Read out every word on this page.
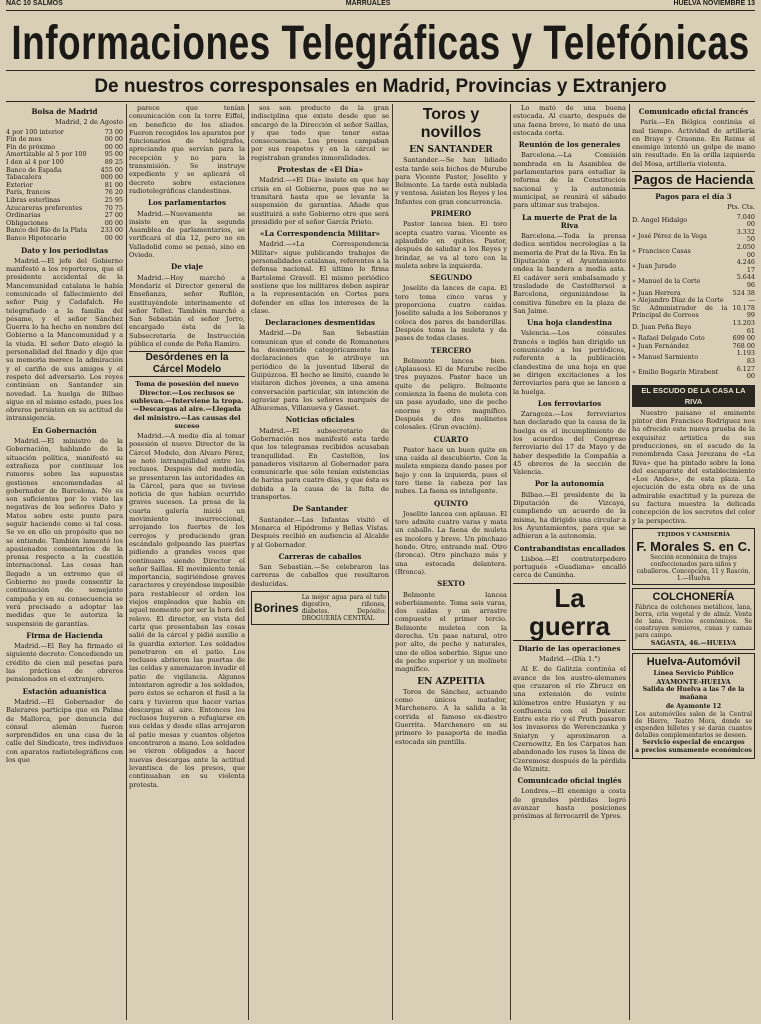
NAC 10 SALMOS	MARRUALES	HUELVA NOVIEMBRE 13
Informaciones Telegráficas y Telefónicas
De nuestros corresponsales en Madrid, Provincias y Extranjero
Bolsa de Madrid

Madrid, 2 de Agosto

4 por 100 interior	73 00
Fin de mes	00 00
Fin de próximo	00 00
Amortizable al 5 por 100	95 00
I den al 4 por 100	89 25
Banco de España	455 00
Tabacalera	000 00
Exterior	81 00
París, francos	76 20
Libras esterlinas	25 95
Azucareras preferentes	70 75
Ordinarias	27 00
Obligaciones	00 00
Banco del Río de la Plata	233 00
Banco Hipotecario	00 00
Dato y los periodistas

Madrid.—El jefe del Gobierno manifestó a los reporteros, que el presidente accidental de la Mancomunidad catalana le había comunicado el fallecimiento del señor Puig y Cadafalch. He telegrafiado a la familia del pésame, y el señor Sánchez Guerra lo ha hecho en nombre del Gobierno a la Mancomunidad y a la viuda. El señor Dato elogió la personalidad del finado y dijo que su memoria merece la admiración y el cariño de sus amigos y el respeto del adversario. Los reyes continúan en Santander sin novedad. La huelga de Bilbao sigue en el mismo estado, pues los obreros persisten en su actitud de intransigencia.

En Gobernación

Madrid.—El ministro de la Gobernación, hablando de la situación política, manifestó su extrañeza por continuar los rumores sobre las supuestas gestiones encomendadas al gobernador de Barcelona. No es son suficientes por lo visto las negativas de los señores Dato y Matos sobre este punto para seguir haciendo como si tal cosa. Se ve en ello un propósito que no se entiende. También lamentó los apasionados comentarios de la prensa respecto a la cuestión internacional. Las cosas han llegado a un extremo que el Gobierno no puede consentir la continuación de semejante campaña y en su consecuencia se verá precisado a adoptar las medidas que le autoriza la suspensión de garantías.

Firma de Hacienda

Madrid.—El Rey ha firmado el siguiente decreto: Concediendo un crédito de cien mil pesetas para las prácticas de obreros pensionados en el extranjero.

Estación aduanística

Madrid.—El Gobernador de Balerares participa que en Palma de Mallorca, por denuncia del cónsul alemán fueron sorprendidos en una casa de la calle del Sindicato, tres individuos con aparatos radiotelegráficos con los que

parece que tenían comunicación con la torre Eiffel, en beneficio de los aliados. Fueron recogidos los aparatos por funcionarios de telégrafos, apreciando que servían para la recepción y no para la transmisión. Se instruye expediente y se aplicará el decreto sobre estaciones radiotelegráficas clandestinas.

Los parlamentarios

Madrid.—Nuevamente se insiste en que la segunda Asamblea de parlamentarios, se verificará el día 12, pero no en Valladolid como se pensó, sino en Oviedo.

De viaje

Madrid.—Hoy marchó a Mondariz el Director general de Enseñanza, señor Rufilón, sustituyéndole interinamente el señor Tellez. También marchó a San Sebastián el señor Jorro, encargado ésta de la Subsecretaría de Instrucción pública el conde de Peña Ramiro.

Desórdenes en la Cárcel Modelo

Toma de posesión del nuevo Director.—Los reclusos se sublevan.—Interviene la tropa.—Descargas al aire.—Llegada del ministro.—Las causas del suceso

Madrid.—A medio día al tomar posesión el nuevo Director de la Cárcel Modelo, don Alvaro Pérez, se notó intranquilidad entre los reclusos. Después del mediodía, se presentaron las autoridades en la Cárcel, para que se tuviese noticia de que habían ocurrido graves sucesos. La presa de la cuarta galería inició un movimiento insurreccional, arrojando los fuertes de los cerrojos y produciendo gran escándalo golpeando las puertas pidiendo a grandes voces que continuara siendo Director el señor Saillas. El movimiento tenía importancia, sugiriéndose graves caracteres y creyéndose imposible para restablecer el orden los viejos empleados que había en aquel momento por ser la hora del relevo. El director, en vista del cariz que presentaban las cosas salió de la cárcel y pidió auxilio a la guardia exterior. Los soldados penetraron en el patio. Los reclusos abrieron las puertas de las celdas y amenazaron invadir el patio de vigilancia. Algunos intentaron agredir a los soldados, pero éstos se echaron el fusil a la cara y tuvieron que hacer varias descargas al aire. Entonces los reclusos huyeron a refugiarse en sus celdas y desde ellas arrojaron al patio mesas y cuantos objetos encontraron a mano. Los soldados se vieron obligados a hacer nuevas descargas ante la actitud levantisca de los presos, que continuaban en su violenta protesta.

sos son producto de la gran indisciplina que existe desde que se encargó de la Dirección el señor Saillas, y que todo que tener estas consecuencias. Los presos campaban por sus respetos y en la cárcel se registraban grandes inmoralidades.

Protestas de «El Día»

Madrid.—«El Día» insiste en que hay crisis en el Gobierno, pues que no se tramitará hasta que se levante la suspensión de garantías. Añade que sustituirá a este Gobierno otro que será presidido por el señor García Prieto.

«La Correspondencia Militar»

Madrid.—«La Correspondencia Militar» sigue publicando trabajos de personalidades catalanas, referentes a la defensa nacional. El último lo firma Bartolomé Gravell. El mismo periódico sostiene que los militares deben aspirar a la representación en Cortes para defender en ellas los intereses de la clase.

Declaraciones desmentidas

Madrid.—De San Sebastián comunican que el conde de Romanones ha desmentido categóricamente las declaraciones que le atribuye un periódico de la juventud liberal de Guipúzcoa. El hecho se limitó, cuando le visitaron dichos jóvenes, a una amena conversación particular, sin intención de agraviar para los señores marqués de Alhucemas, Villanueva y Gasset.

Noticias oficiales

Madrid.—El subsecretario de Gobernación nos manifestó esta tarde que los telegramas recibidos acusaban tranquilidad. En Castellón, los panaderos visitaron al Gobernador para comunicarle que sólo tenían existencias de harina para cuatro días, y que ésta es debida a la causa de la falta de transportes.

De Santander

Santander.—Las Infantas visitó el Monarca el Hipódromo y Bellas Vistas. Después recibió en audiencia al Alcalde y al Gobernador.

Carreras de caballos

San Sebastián.—Se celebraron las carreras de caballos que resultaron deslucidas.

Borines
La mejor agua para el tufo digestivo, riñones, diabetes. Depósito: DROGUERÍA CENTRAL
Toros y novillos
EN SANTANDER

Santander.—Se han lidiado esta tarde seis bichos de Murube para Vicente Pastor, Joselito y Belmonte. La tarde está nublada y ventosa. Asisten los Reyes y los Infantes con gran concurrencia.

PRIMERO

Pastor lancea bien. El toro acepta cuatro varas. Vicente es aplaudido en quites. Pastor, después de saludar a los Reyes y brindar, se va al toro con la muleta sobre la izquierda.

SEGUNDO

Joselito da lances de capa. El toro toma cinco varas y proporciona cuatro caídas. Joselito saluda a los Soberanos y coloca dos pares de banderillas. Después toma la muleta y da pases de todas clases.

TERCERO

Belmonte lancea bien. (Aplausos). El de Murube recibe tres puyazos. Pastor hace un quite de peligro. Belmonte comienza la faena de muleta con un pase ayudado, uno de pecho enorme y otro magnífico. Después de dos molinetes colosales. (Gran ovación).

CUARTO

Pastor hace un buen quite en una caída al descubierto. Con la muleta empieza dando pases por bajo y con la izquierda, pues el toro tiene la cabeza por las nubes. La faena es inteligente.

QUINTO

Joselito lancea con aplauso. El toro admite cuatro varas y mata un caballo. La faena de muleta es incolora y breve. Un pinchazo hondo. Otro, entrando mal. Otro (bronca). Otro pinchazo más y una estocada delantera. (Bronca).

SEXTO

Belmonte lancea soberbiamente. Toma seis varas, dos caídas y un arrastre compuesto el primer tercio. Belmonte muletea con la derecha. Un pase natural, otro por alto, de pecho y naturales, uno de ellos soberbio. Sigue uno de pecho superior y un molinete magnífico.

EN AZPEITIA

Toros de Sánchez, actuando como únicos matador, Marchenero. A la salida a la corrida el famoso ex-diestro Guerrita. Marchenero en su primero lo pasaporta de media estocada sin puntilla.

Lo mató de una buena estocada. Al cuarto, después de una faena breve, lo mató de una estocada corta.

Reunión de los generales

Barcelona.—La Comisión nombrada en la Asamblea de parlamentarios para estudiar la reforma de la Constitución nacional y la autonomía municipal, se reunirá el sábado para ultimar sus trabajos.

La muerte de Prat de la Riva

Barcelona.—Toda la prensa dedica sentidos necrologías a la memoria de Prat de la Riva. En la Diputación y el Ayuntamiento ondea la bandera a media asta. El cadáver será embalsamado y trasladado de Castelltersol a Barcelona, organizándose la comitiva fúnebre en la plaza de San Jaime.

Una hoja clandestina

Valencia.—Los cónsules francés e inglés han dirigido un comunicado a los periódicos, referente a la publicación clandestina de una hoja en que se dirigen excitaciones a los ferroviarios para que se lancen a la huelga.

Los ferroviarios

Zaragoza.—Los ferroviarios han declarado que la causa de la huelga es el incumplimiento de los acuerdos del Congreso ferroviario del 17 de Mayo y de haber despedido la Compañía a 45 obreros de la sección de Valencia.

Por la autonomía

Bilbao.—El presidente de la Diputación de Vizcaya, cumpliendo un acuerdo de la misma, ha dirigido una circular a los Ayuntamientos, para que se adhieran a la autonomía.

Contrabandistas encallados

Lisboa.—El contratorpedero portugués «Guadiana» encalló cerca de Caminha.

La guerra
Diario de las operaciones

Madrid.—(Día 1.°)

Al E. de Galitzia continúa el avance de los austro-alemanes que cruzaron el río Zbrucz en una extensión de veinte kilómetros entre Husiatyn y su confluencia con el Dniester. Entre este río y el Pruth pasaron los invasores de Werenczanka y Sniatyn y aproximaron a Czernowitz. En los Cárpatos han abandonado los rusos la línea de Czeremosz después de la pérdida de Wiznitz.

Comunicado oficial inglés

Londres.—El enemigo a costa de grandes pérdidas logró avanzar hasta posiciones próximas al ferrocarril de Ypres.

Comunicado oficial francés

París.—En Bélgica continúa el mal tiempo. Actividad de artillería en Braye y Craonne. En Reims el enemigo intentó un golpe de mano sin resultado. En la orilla izquierda del Mosa, artillería violenta.

Pagos de Hacienda
Pagos para el día 3

Pts. Cts.

D. Angel Hidalgo	7.040 00
» José Pérez de la Vega	3.332 50
» Francisco Casas	2.050 00
» Juan Jurado	4.246 17
» Manuel de la Corte	5.644 96
» Juan Herrera	524 38
» Alejandro Díaz de la Corte	—
Sr. Administrador de la Principal de Correos	10.178 99
D. Juan Peña Bayo	13.203 61
» Rafael Delgado Coto	699 00
» Juan Fernández	768 00
» Manuel Sarmiento	1.193 83
» Emilio Bogarín Mirabent	6.127 00
EL ESCUDO DE LA CASA LA RIVA

Nuestro paisano el eminente pintor don Francisco Rodríguez nos ha ofrecido este nueva prueba de la exquisitez artística de sus producciones, en el escudo de la renombrada Casa Jerezana de «La Riva» que ha pintado sobre la lona del escaparate del establecimiento «Los Andes», de esta plaza. La ejecución de esta obra es de una admirable exactitud y la pureza de su factura muestra la delicada concepción de los secretos del color y la perspectiva.

TEJIDOS Y CAMISERÍA
F. Morales S. en C.
Sección económica de trajes confeccionados para niños y caballeros. Concepción, 11 y Rascón, 1.—Huelva
COLCHONERÍA
Fábrica de colchones metálicos, lana, borra, crin vegetal y de almíz. Venta de lana. Precios económicos. Se construyen somieres, cunas y camas para campo.
SAGASTA, 46.—HUELVA
Huelva-Automóvil
Línea Servicio Público
AYAMONTE-HUELVA
Salida de Huelva a las 7 de la mañana
de Ayamonte 12
Los automóviles salen de la Central de Hierro, Teatro Mora, donde se expenden billetes y se darán cuantos detalles complementarios se deseen.
Servicio especial de encargos
a precios sumamente económicos
